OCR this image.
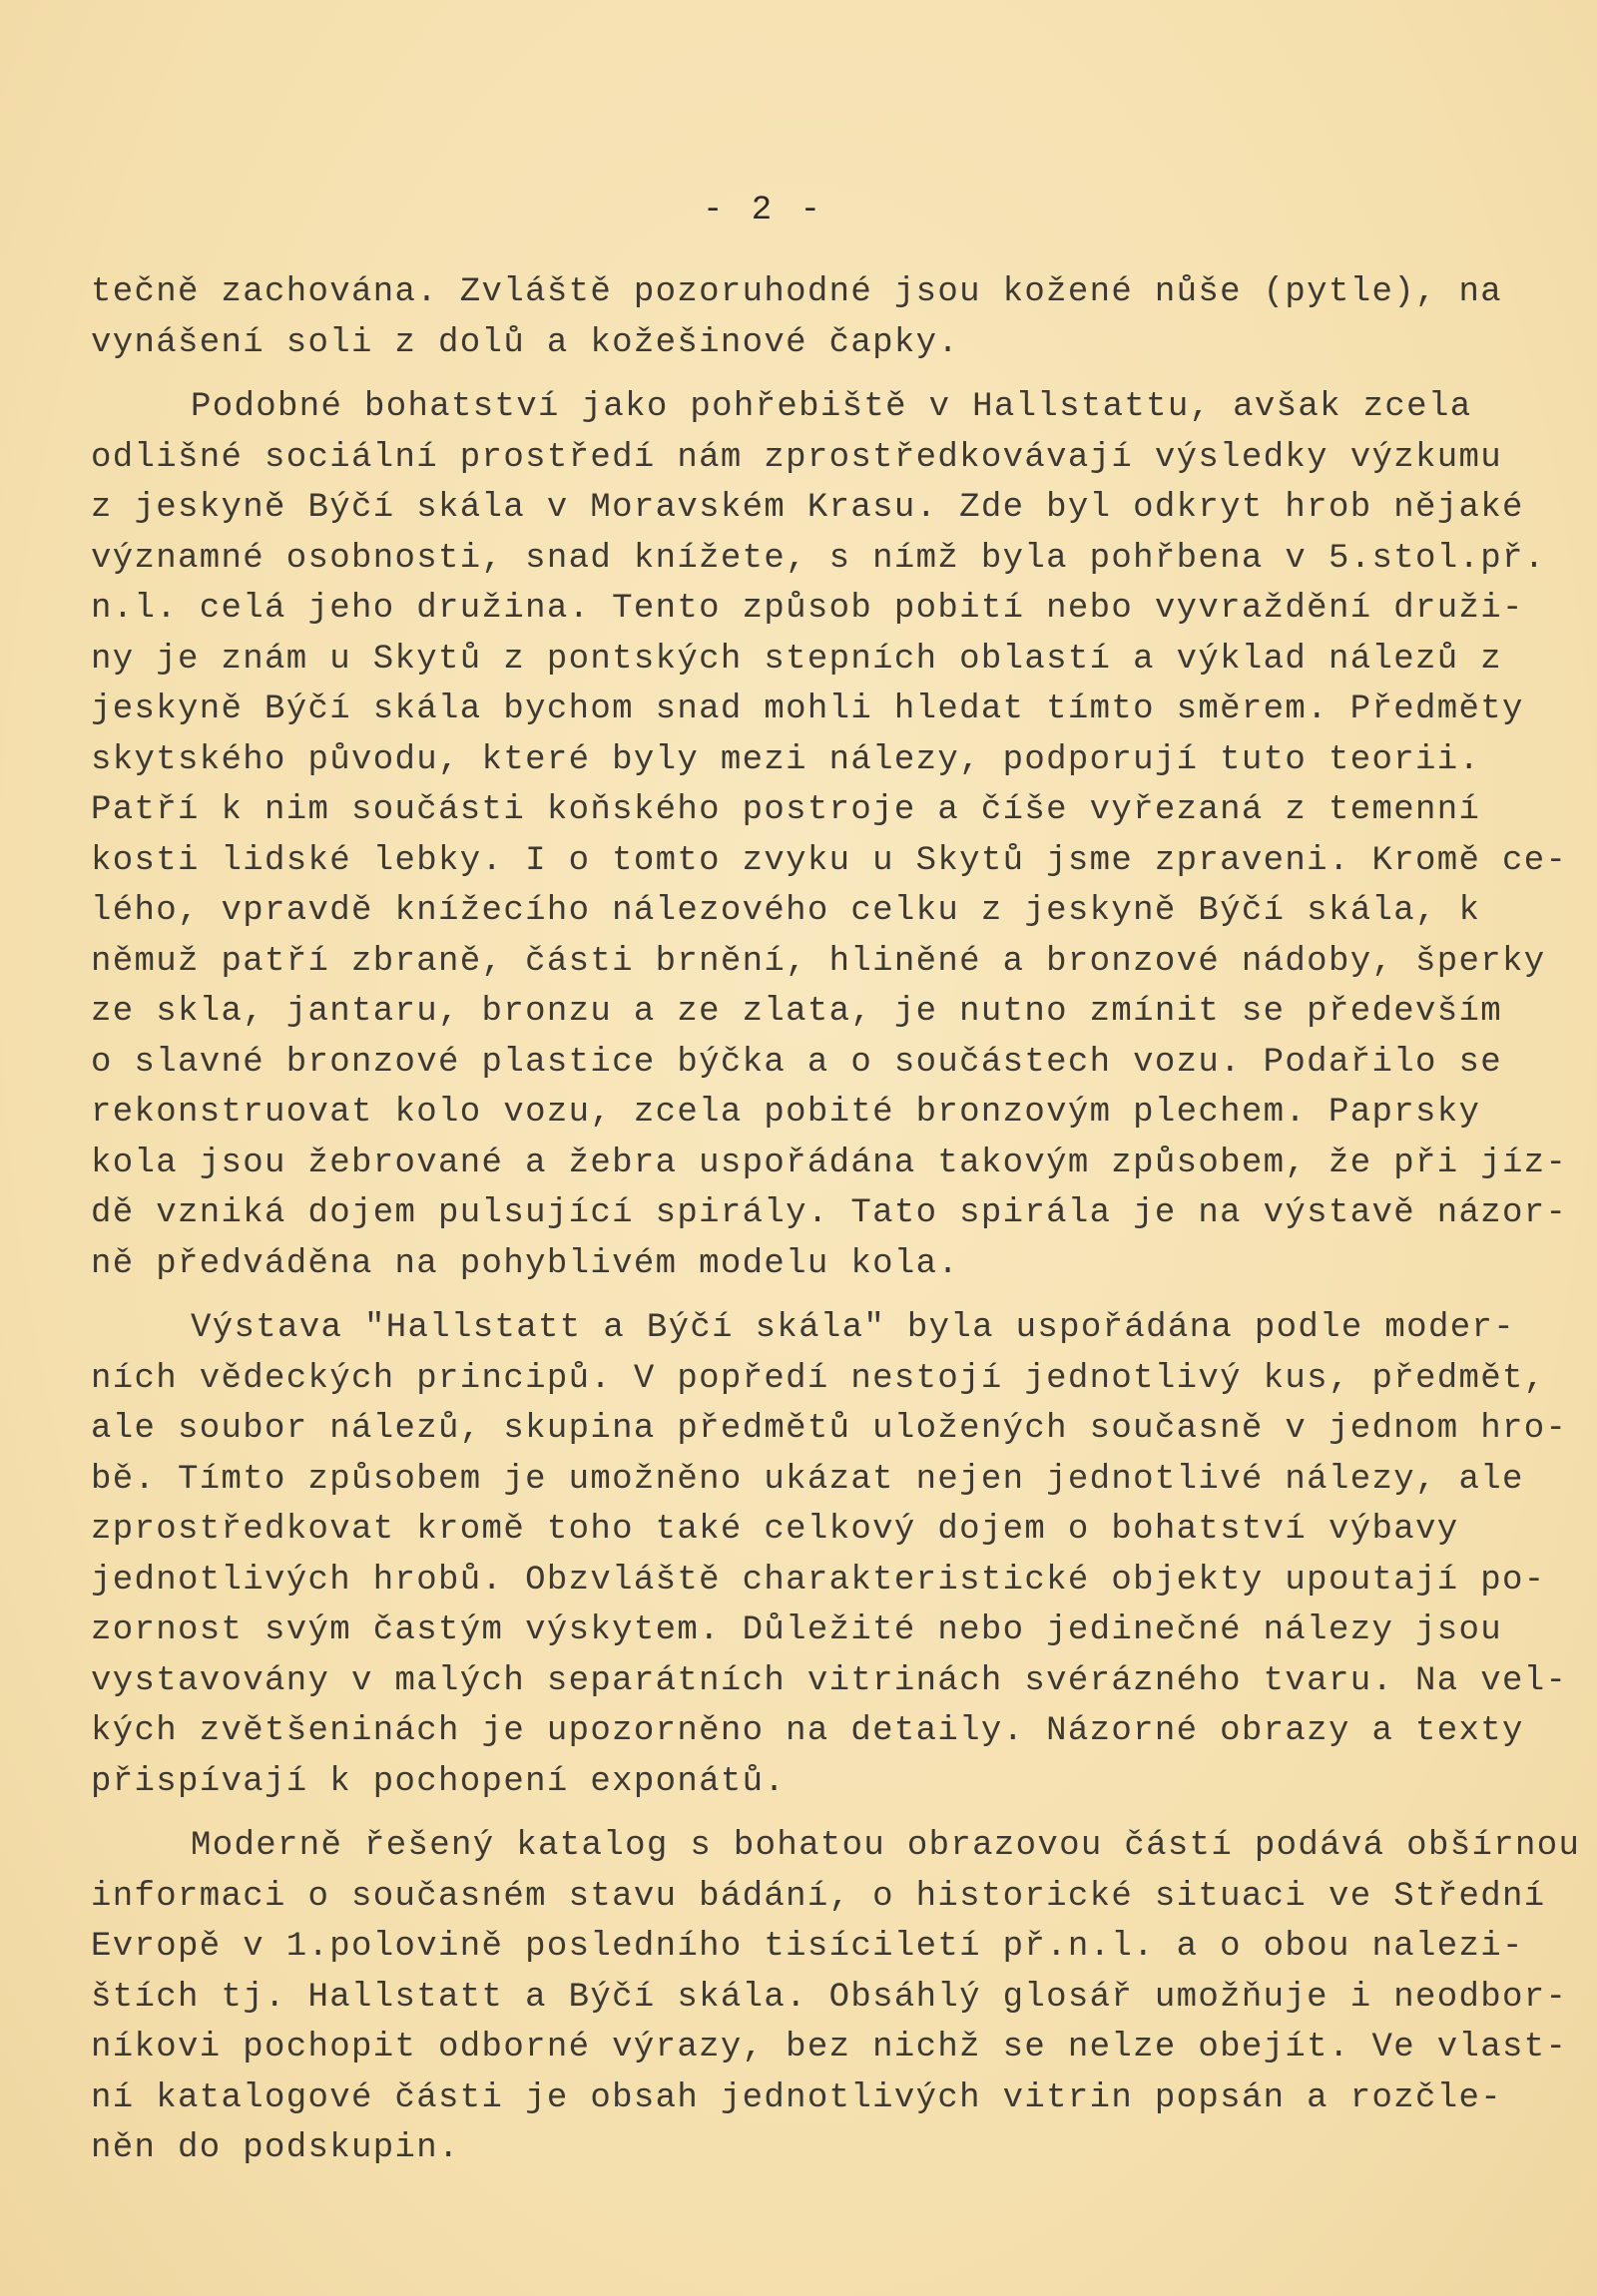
- 2 -
tečně zachována. Zvláště pozoruhodné jsou kožené nůše (pytle), na
vynášení soli z dolů a kožešinové čapky.
Podobné bohatství jako pohřebiště v Hallstattu, avšak zcela
odlišné sociální prostředí nám zprostředkovávají výsledky výzkumu
z jeskyně Býčí skála v Moravském Krasu. Zde byl odkryt hrob nějaké
významné osobnosti, snad knížete, s nímž byla pohřbena v 5.stol.př.
n.l. celá jeho družina. Tento způsob pobití nebo vyvraždění druži-
ny je znám u Skytů z pontských stepních oblastí a výklad nálezů z
jeskyně Býčí skála bychom snad mohli hledat tímto směrem. Předměty
skytského původu, které byly mezi nálezy, podporují tuto teorii.
Patří k nim součásti koňského postroje a číše vyřezaná z temenní
kosti lidské lebky. I o tomto zvyku u Skytů jsme zpraveni. Kromě ce-
lého, vpravdě knížecího nálezového celku z jeskyně Býčí skála, k
němuž patří zbraně, části brnění, hliněné a bronzové nádoby, šperky
ze skla, jantaru, bronzu a ze zlata, je nutno zmínit se především
o slavné bronzové plastice býčka a o součástech vozu. Podařilo se
rekonstruovat kolo vozu, zcela pobité bronzovým plechem. Paprsky
kola jsou žebrované a žebra uspořádána takovým způsobem, že při jíz-
dě vzniká dojem pulsující spirály. Tato spirála je na výstavě názor-
ně předváděna na pohyblivém modelu kola.
Výstava "Hallstatt a Býčí skála" byla uspořádána podle moder-
ních vědeckých principů. V popředí nestojí jednotlivý kus, předmět,
ale soubor nálezů, skupina předmětů uložených současně v jednom hro-
bě. Tímto způsobem je umožněno ukázat nejen jednotlivé nálezy, ale
zprostředkovat kromě toho také celkový dojem o bohatství výbavy
jednotlivých hrobů. Obzvláště charakteristické objekty upoutají po-
zornost svým častým výskytem. Důležité nebo jedinečné nálezy jsou
vystavovány v malých separátních vitrinách svérázného tvaru. Na vel-
kých zvětšeninách je upozorněno na detaily. Názorné obrazy a texty
přispívají k pochopení exponátů.
Moderně řešený katalog s bohatou obrazovou částí podává obšírnou
informaci o současném stavu bádání, o historické situaci ve Střední
Evropě v 1.polovině posledního tisíciletí př.n.l. a o obou nalezi-
štích tj. Hallstatt a Býčí skála. Obsáhlý glosář umožňuje i neodbor-
níkovi pochopit odborné výrazy, bez nichž se nelze obejít. Ve vlast-
ní katalogové části je obsah jednotlivých vitrin popsán a rozčle-
něn do podskupin.
